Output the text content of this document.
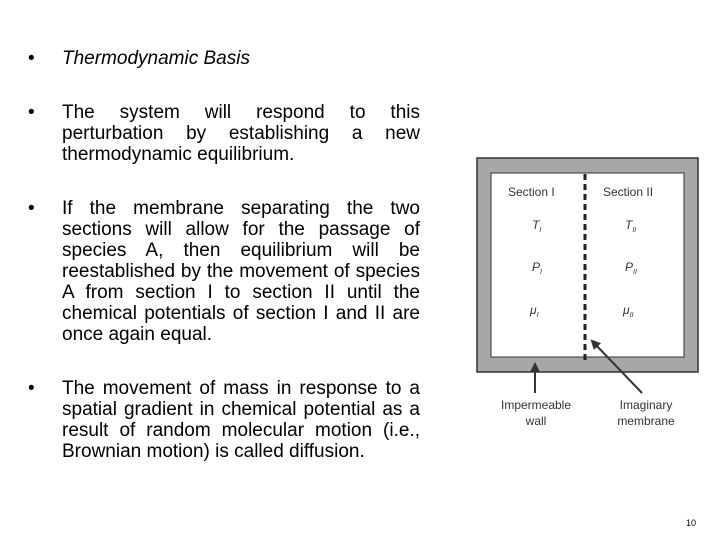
•	Thermodynamic Basis
•	The system will respond to this perturbation by establishing a new thermodynamic equilibrium.
•	If the membrane separating the two sections will allow for the passage of species A, then equilibrium will be reestablished by the movement of species A from section I to section II until the chemical potentials of section I and II are once again equal.
•	The movement of mass in response to a spatial gradient in chemical potential as a result of random molecular motion (i.e., Brownian motion) is called diffusion.
Section I
$T_I$
$P_I$
$\mu_I$
Section II
$T_{II}$
$P_{II}$
$\mu_{II}$
Impermeable
wall
Imaginary
membrane
10
